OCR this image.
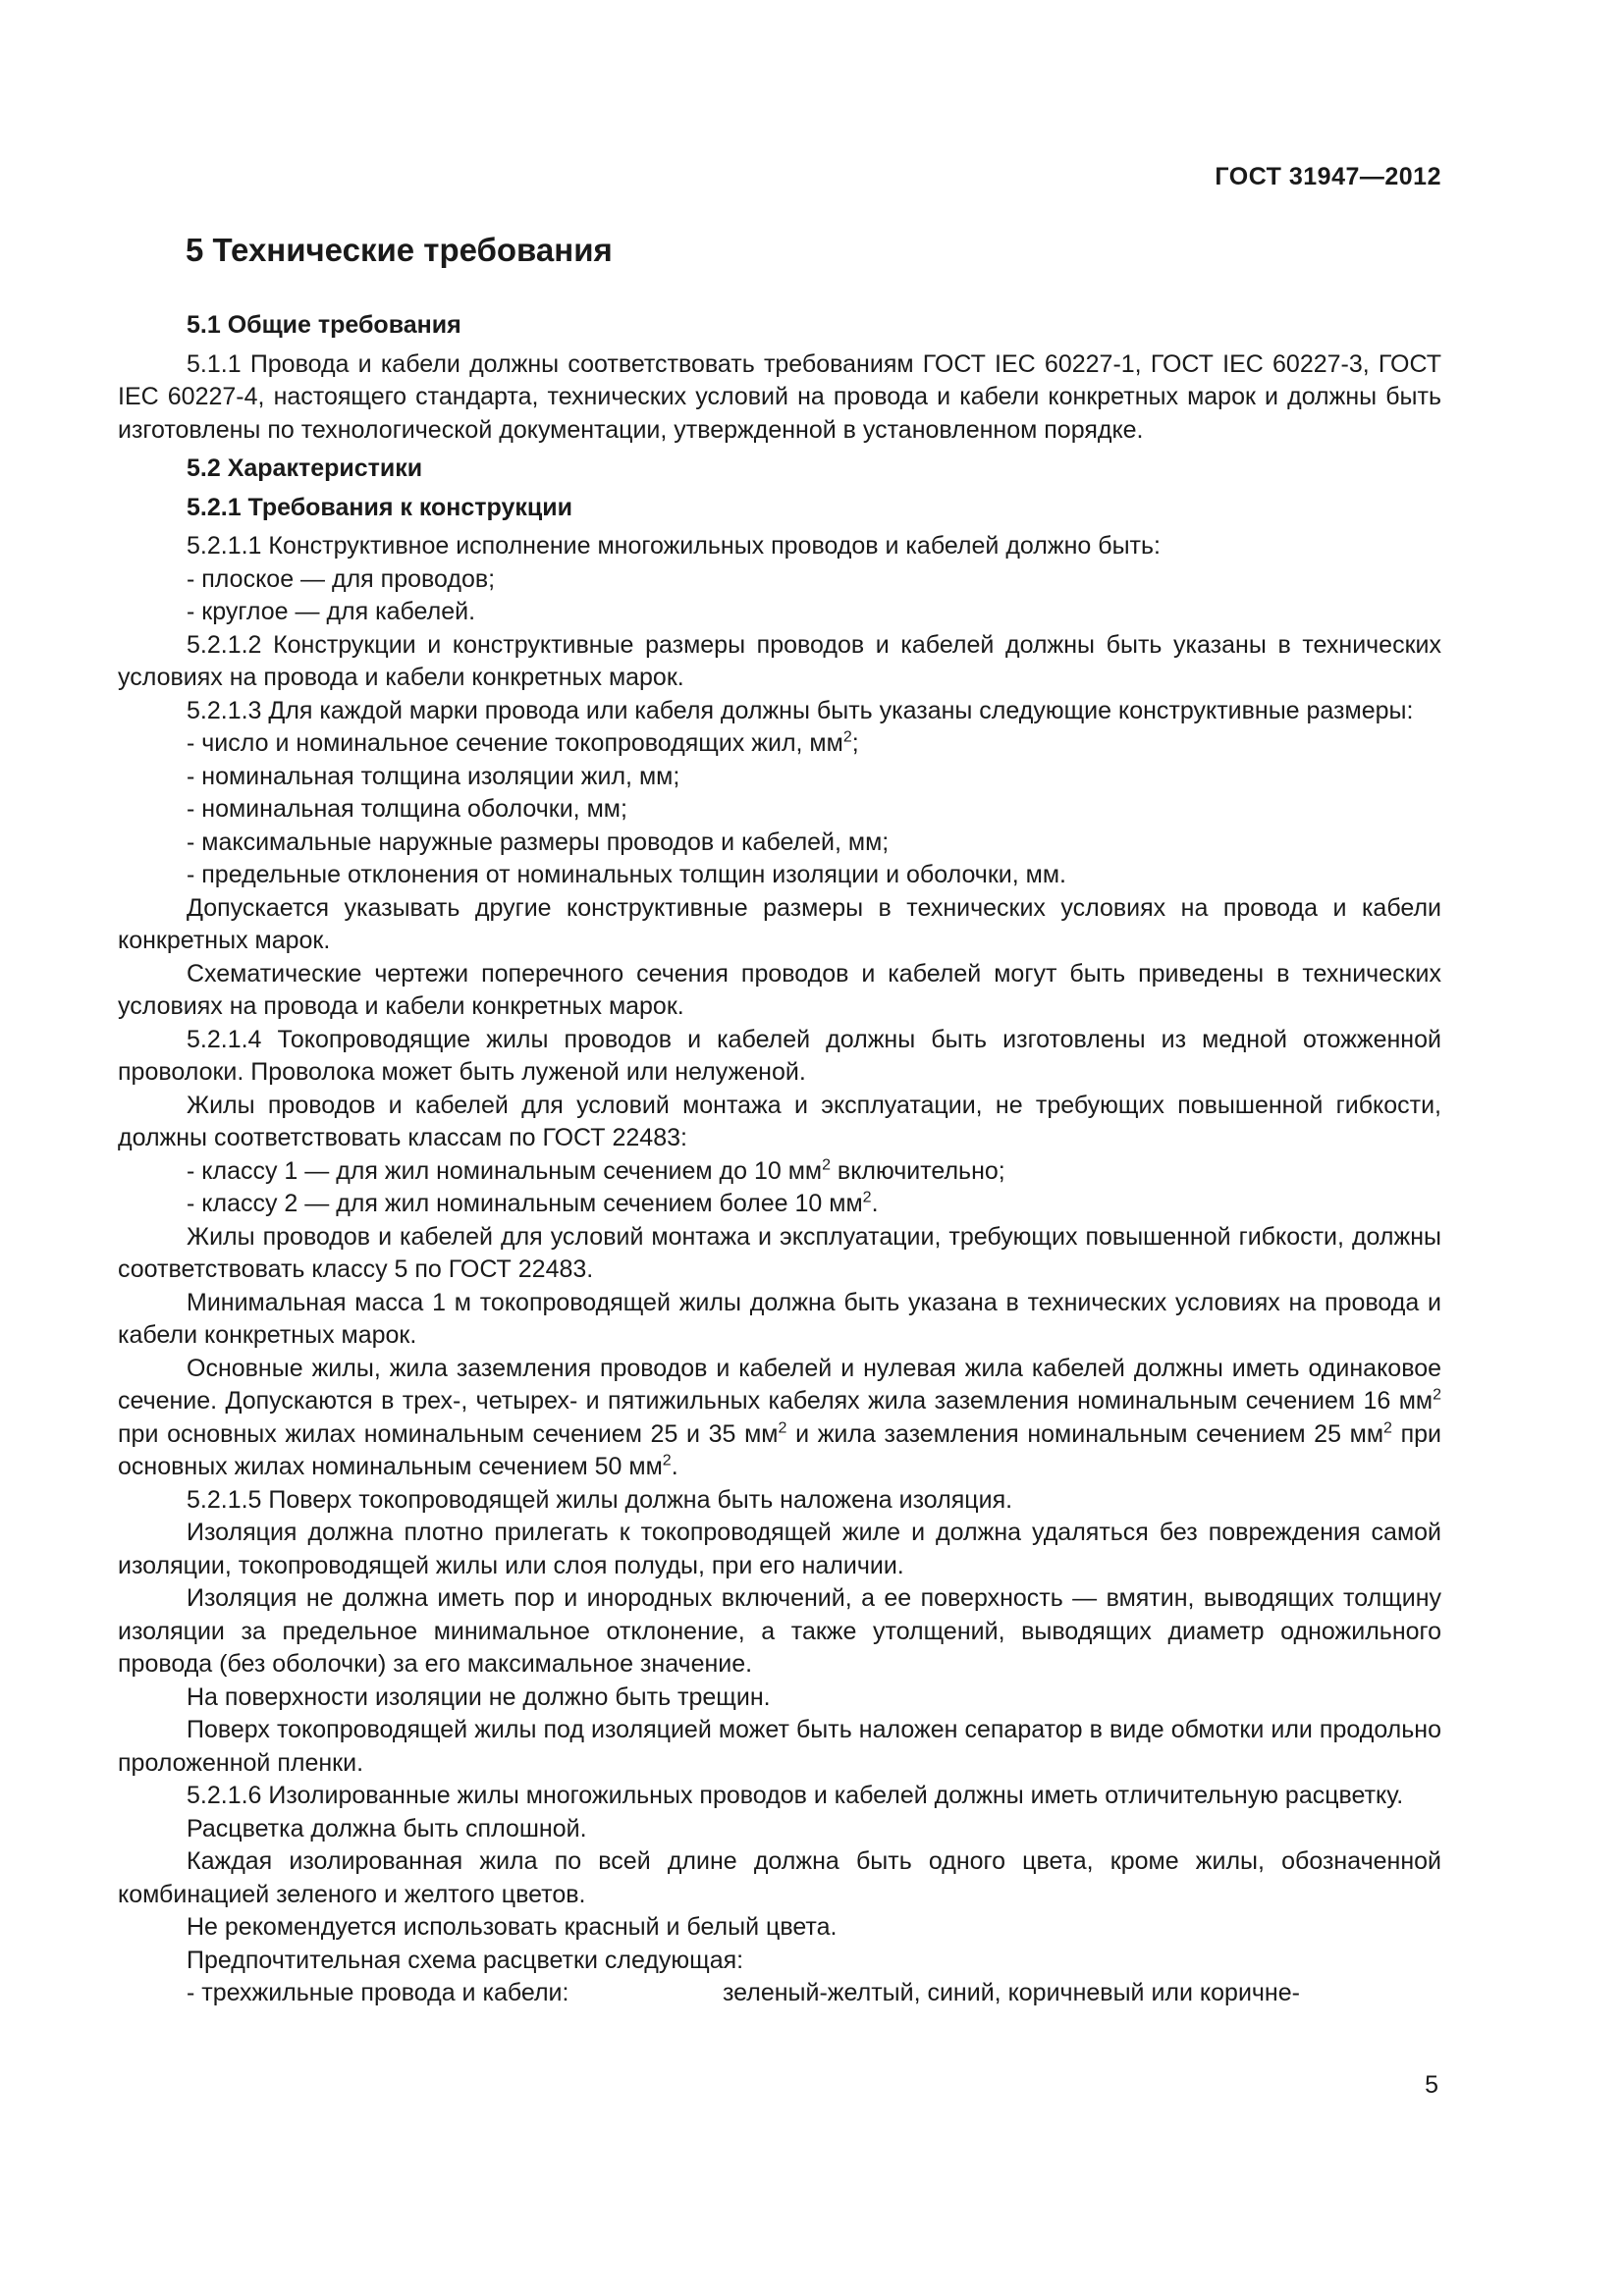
ГОСТ 31947—2012
5 Технические требования

5.1 Общие требования

5.1.1 Провода и кабели должны соответствовать требованиям ГОСТ IEC 60227-1, ГОСТ IEC 60227-3, ГОСТ IEC 60227-4, настоящего стандарта, технических условий на провода и кабели конкретных марок и должны быть изготовлены по технологической документации, утвержденной в установленном порядке.

5.2 Характеристики

5.2.1 Требования к конструкции

5.2.1.1 Конструктивное исполнение многожильных проводов и кабелей должно быть:

- плоское — для проводов;

- круглое — для кабелей.

5.2.1.2 Конструкции и конструктивные размеры проводов и кабелей должны быть указаны в технических условиях на провода и кабели конкретных марок.

5.2.1.3 Для каждой марки провода или кабеля должны быть указаны следующие конструктивные размеры:

- число и номинальное сечение токопроводящих жил, $мм^2$;

- номинальная толщина изоляции жил, мм;

- номинальная толщина оболочки, мм;

- максимальные наружные размеры проводов и кабелей, мм;

- предельные отклонения от номинальных толщин изоляции и оболочки, мм.

Допускается указывать другие конструктивные размеры в технических условиях на провода и кабели конкретных марок.

Схематические чертежи поперечного сечения проводов и кабелей могут быть приведены в технических условиях на провода и кабели конкретных марок.

5.2.1.4 Токопроводящие жилы проводов и кабелей должны быть изготовлены из медной отожженной проволоки. Проволока может быть луженой или нелуженой.

Жилы проводов и кабелей для условий монтажа и эксплуатации, не требующих повышенной гибкости, должны соответствовать классам по ГОСТ 22483:

- классу 1 — для жил номинальным сечением до 10 $мм^2$ включительно;

- классу 2 — для жил номинальным сечением более 10 $мм^2$.

Жилы проводов и кабелей для условий монтажа и эксплуатации, требующих повышенной гибкости, должны соответствовать классу 5 по ГОСТ 22483.

Минимальная масса 1 м токопроводящей жилы должна быть указана в технических условиях на провода и кабели конкретных марок.

Основные жилы, жила заземления проводов и кабелей и нулевая жила кабелей должны иметь одинаковое сечение. Допускаются в трех-, четырех- и пятижильных кабелях жила заземления номинальным сечением 16 $мм^2$ при основных жилах номинальным сечением 25 и 35 $мм^2$ и жила заземления номинальным сечением 25 $мм^2$ при основных жилах номинальным сечением 50 $мм^2$.

5.2.1.5 Поверх токопроводящей жилы должна быть наложена изоляция.

Изоляция должна плотно прилегать к токопроводящей жиле и должна удаляться без повреждения самой изоляции, токопроводящей жилы или слоя полуды, при его наличии.

Изоляция не должна иметь пор и инородных включений, а ее поверхность — вмятин, выводящих толщину изоляции за предельное минимальное отклонение, а также утолщений, выводящих диаметр одножильного провода (без оболочки) за его максимальное значение.

На поверхности изоляции не должно быть трещин.

Поверх токопроводящей жилы под изоляцией может быть наложен сепаратор в виде обмотки или продольно проложенной пленки.

5.2.1.6 Изолированные жилы многожильных проводов и кабелей должны иметь отличительную расцветку.

Расцветка должна быть сплошной.

Каждая изолированная жила по всей длине должна быть одного цвета, кроме жилы, обозначенной комбинацией зеленого и желтого цветов.

Не рекомендуется использовать красный и белый цвета.

Предпочтительная схема расцветки следующая:

- трехжильные провода и кабели:	зеленый-желтый, синий, коричневый или коричне-

5
